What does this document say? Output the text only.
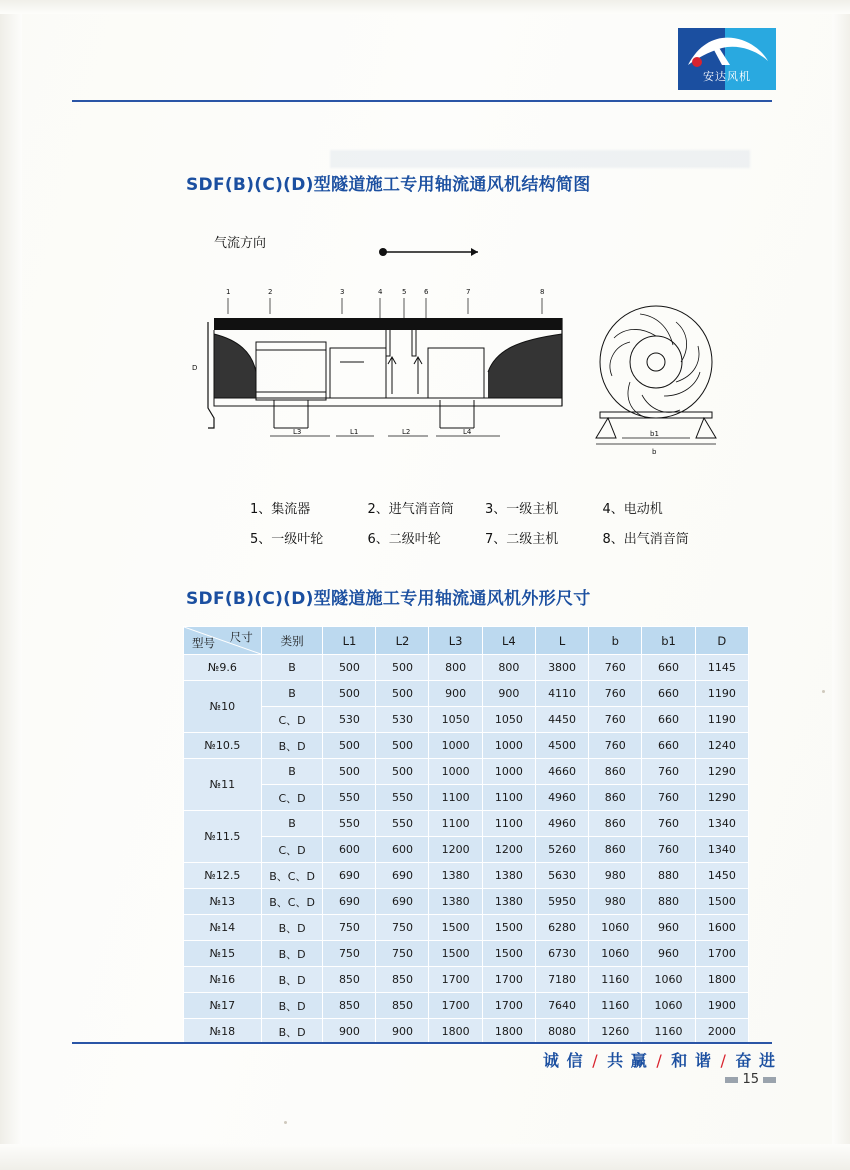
安达风机
SDF(B)(C)(D)型隧道施工专用轴流通风机结构简图
气流方向
1	2	3	4	5	6	7	8
L3	L1	L2	L4
D
b1
b
1、集流器	2、进气消音筒	3、一级主机	4、电动机
5、一级叶轮	6、二级叶轮	7、二级主机	8、出气消音筒
SDF(B)(C)(D)型隧道施工专用轴流通风机外形尺寸
尺寸
型号	类别	L1	L2	L3	L4	L	b	b1	D
№9.6	B	500	500	800	800	3800	760	660	1145
№10	B	500	500	900	900	4110	760	660	1190
	C、D	530	530	1050	1050	4450	760	660	1190
№10.5	B、D	500	500	1000	1000	4500	760	660	1240
№11	B	500	500	1000	1000	4660	860	760	1290
	C、D	550	550	1100	1100	4960	860	760	1290
№11.5	B	550	550	1100	1100	4960	860	760	1340
	C、D	600	600	1200	1200	5260	860	760	1340
№12.5	B、C、D	690	690	1380	1380	5630	980	880	1450
№13	B、C、D	690	690	1380	1380	5950	980	880	1500
№14	B、D	750	750	1500	1500	6280	1060	960	1600
№15	B、D	750	750	1500	1500	6730	1060	960	1700
№16	B、D	850	850	1700	1700	7180	1160	1060	1800
№17	B、D	850	850	1700	1700	7640	1160	1060	1900
№18	B、D	900	900	1800	1800	8080	1260	1160	2000
诚 信 / 共 赢 / 和 谐 / 奋 进
15
